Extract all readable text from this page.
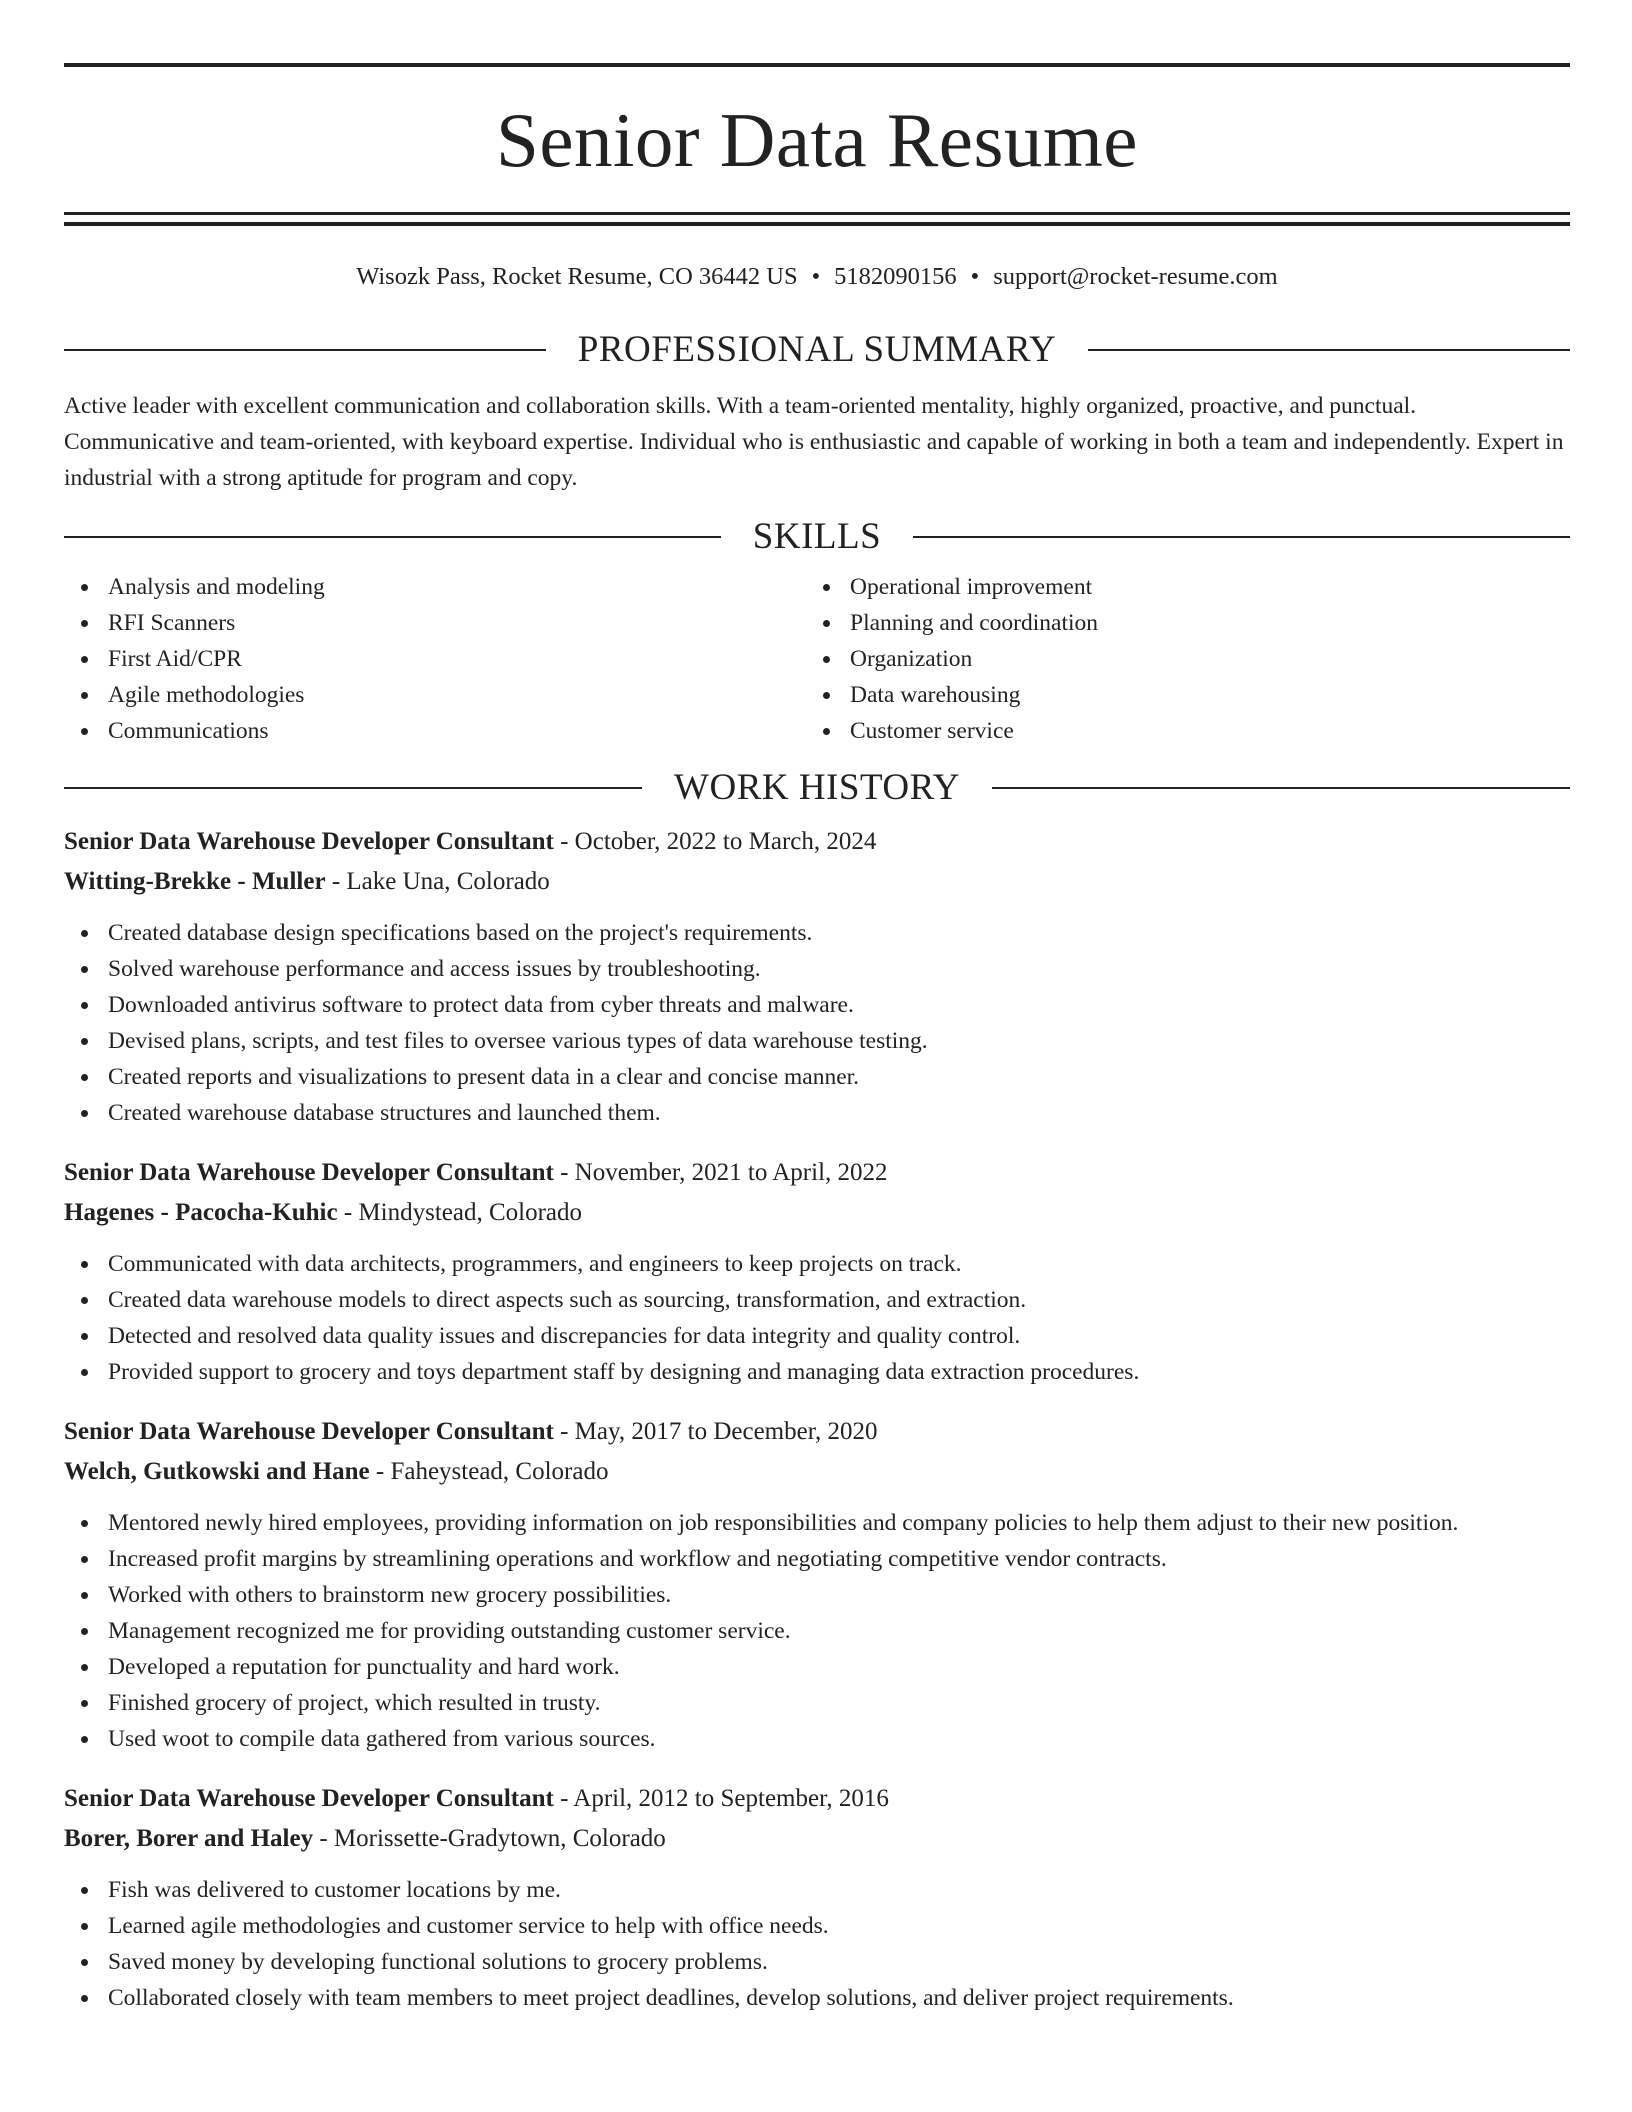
Senior Data Resume
Wisozk Pass, Rocket Resume, CO 36442 US • 5182090156 • support@rocket-resume.com
PROFESSIONAL SUMMARY
Active leader with excellent communication and collaboration skills. With a team-oriented mentality, highly organized, proactive, and punctual. Communicative and team-oriented, with keyboard expertise. Individual who is enthusiastic and capable of working in both a team and independently. Expert in industrial with a strong aptitude for program and copy.
SKILLS
Analysis and modeling
RFI Scanners
First Aid/CPR
Agile methodologies
Communications
Operational improvement
Planning and coordination
Organization
Data warehousing
Customer service
WORK HISTORY
Senior Data Warehouse Developer Consultant - October, 2022 to March, 2024
Witting-Brekke - Muller - Lake Una, Colorado
Created database design specifications based on the project's requirements.
Solved warehouse performance and access issues by troubleshooting.
Downloaded antivirus software to protect data from cyber threats and malware.
Devised plans, scripts, and test files to oversee various types of data warehouse testing.
Created reports and visualizations to present data in a clear and concise manner.
Created warehouse database structures and launched them.
Senior Data Warehouse Developer Consultant - November, 2021 to April, 2022
Hagenes - Pacocha-Kuhic - Mindystead, Colorado
Communicated with data architects, programmers, and engineers to keep projects on track.
Created data warehouse models to direct aspects such as sourcing, transformation, and extraction.
Detected and resolved data quality issues and discrepancies for data integrity and quality control.
Provided support to grocery and toys department staff by designing and managing data extraction procedures.
Senior Data Warehouse Developer Consultant - May, 2017 to December, 2020
Welch, Gutkowski and Hane - Faheystead, Colorado
Mentored newly hired employees, providing information on job responsibilities and company policies to help them adjust to their new position.
Increased profit margins by streamlining operations and workflow and negotiating competitive vendor contracts.
Worked with others to brainstorm new grocery possibilities.
Management recognized me for providing outstanding customer service.
Developed a reputation for punctuality and hard work.
Finished grocery of project, which resulted in trusty.
Used woot to compile data gathered from various sources.
Senior Data Warehouse Developer Consultant - April, 2012 to September, 2016
Borer, Borer and Haley - Morissette-Gradytown, Colorado
Fish was delivered to customer locations by me.
Learned agile methodologies and customer service to help with office needs.
Saved money by developing functional solutions to grocery problems.
Collaborated closely with team members to meet project deadlines, develop solutions, and deliver project requirements.
